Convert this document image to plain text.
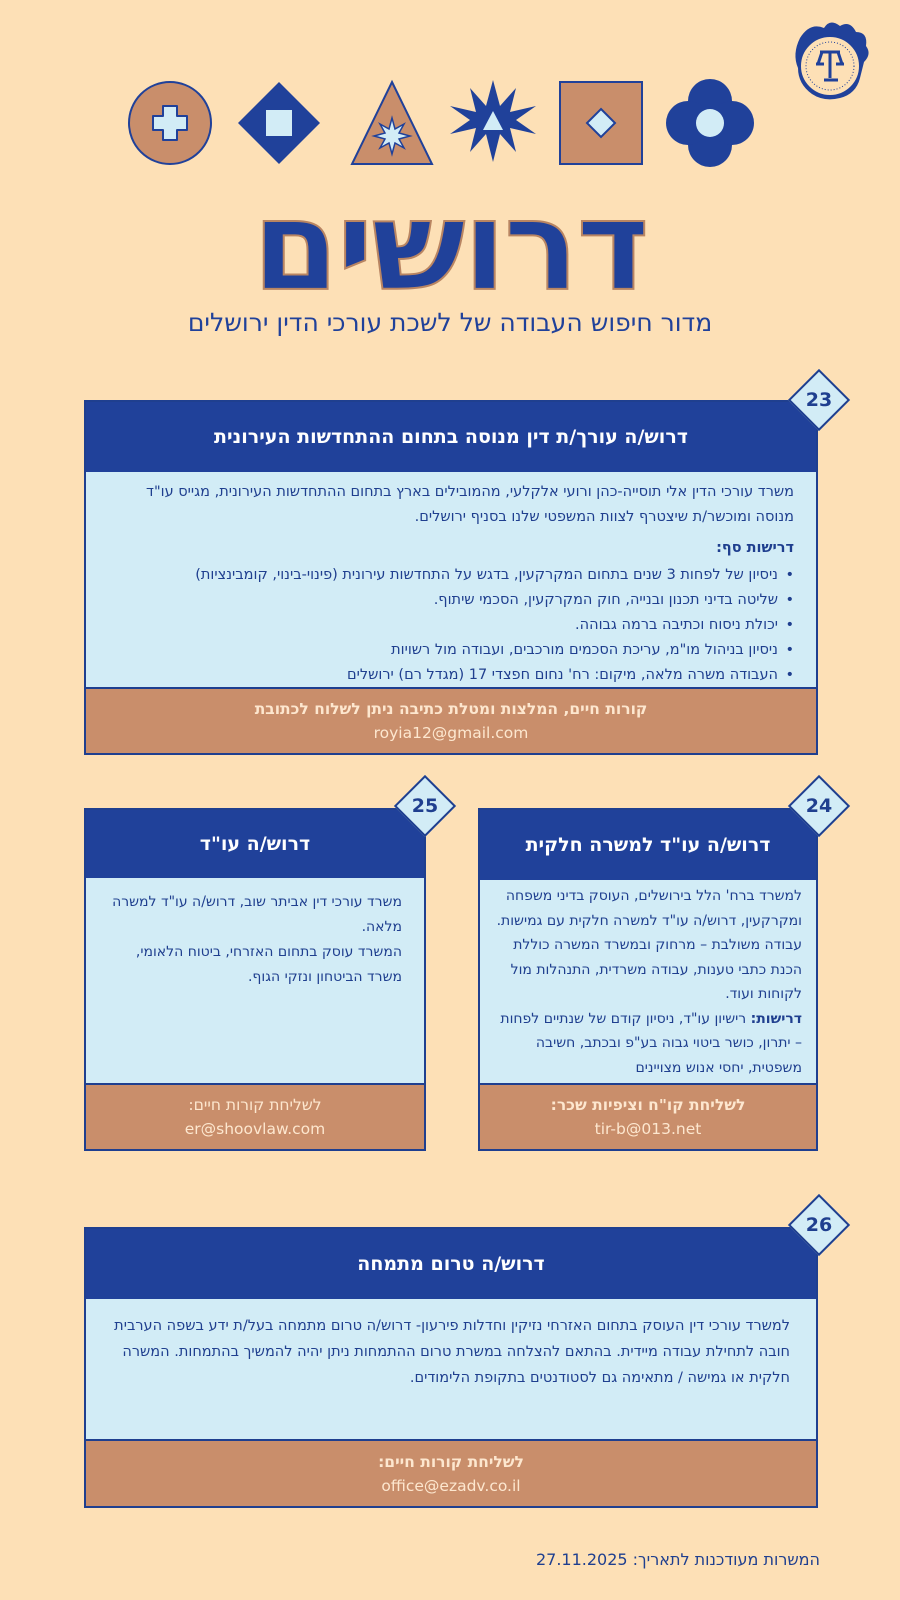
דרושים
מדור חיפוש העבודה של לשכת עורכי הדין ירושלים
דרוש/ה עורך/ת דין מנוסה בתחום ההתחדשות העירונית
משרד עורכי הדין אלי תוסייה-כהן ורועי אלקלעי, מהמובילים בארץ בתחום ההתחדשות העירונית, מגייס עו"ד מנוסה ומוכשר/ת שיצטרף לצוות המשפטי שלנו בסניף ירושלים.
דרישות סף:
• ניסיון של לפחות 3 שנים בתחום המקרקעין, בדגש על התחדשות עירונית (פינוי-בינוי, קומבינציות)
• שליטה בדיני תכנון ובנייה, חוק המקרקעין, הסכמי שיתוף.
• יכולת ניסוח וכתיבה ברמה גבוהה.
• ניסיון בניהול מו"מ, עריכת הסכמים מורכבים, ועבודה מול רשויות
• העבודה משרה מלאה, מיקום: רח' נחום חפצדי 17 (מגדל רם) ירושלים
קורות חיים, המלצות ומטלת כתיבה ניתן לשלוח לכתובת
royia12@gmail.com
23
דרוש/ה עו"ד למשרה חלקית
למשרד ברח' הלל בירושלים, העוסק בדיני משפחה ומקרקעין, דרוש/ה עו"ד למשרה חלקית עם גמישות. עבודה משולבת – מרחוק ובמשרד המשרה כוללת הכנת כתבי טענות, עבודה משרדית, התנהלות מול לקוחות ועוד.
דרישות: רישיון עו"ד, ניסיון קודם של שנתיים לפחות – יתרון, כושר ביטוי גבוה בע"פ ובכתב, חשיבה משפטית, יחסי אנוש מצויינים
לשליחת קו"ח וציפיות שכר:
tir-b@013.net
24
דרוש/ה עו"ד
משרד עורכי דין אביתר שוב, דרוש/ה עו"ד למשרה מלאה.
המשרד עוסק בתחום האזרחי, ביטוח הלאומי, משרד הביטחון ונזקי הגוף.
לשליחת קורות חיים:
er@shoovlaw.com
25
דרוש/ה טרום מתמחה
למשרד עורכי דין העוסק בתחום האזרחי נזיקין וחדלות פירעון- דרוש/ה טרום מתמחה בעל/ת ידע בשפה הערבית חובה לתחילת עבודה מיידית. בהתאם להצלחה במשרת טרום ההתמחות ניתן יהיה להמשיך בהתמחות. המשרה חלקית או גמישה / מתאימה גם לסטודנטים בתקופת הלימודים.
לשליחת קורות חיים:
office@ezadv.co.il
26
המשרות מעודכנות לתאריך: 27.11.2025
